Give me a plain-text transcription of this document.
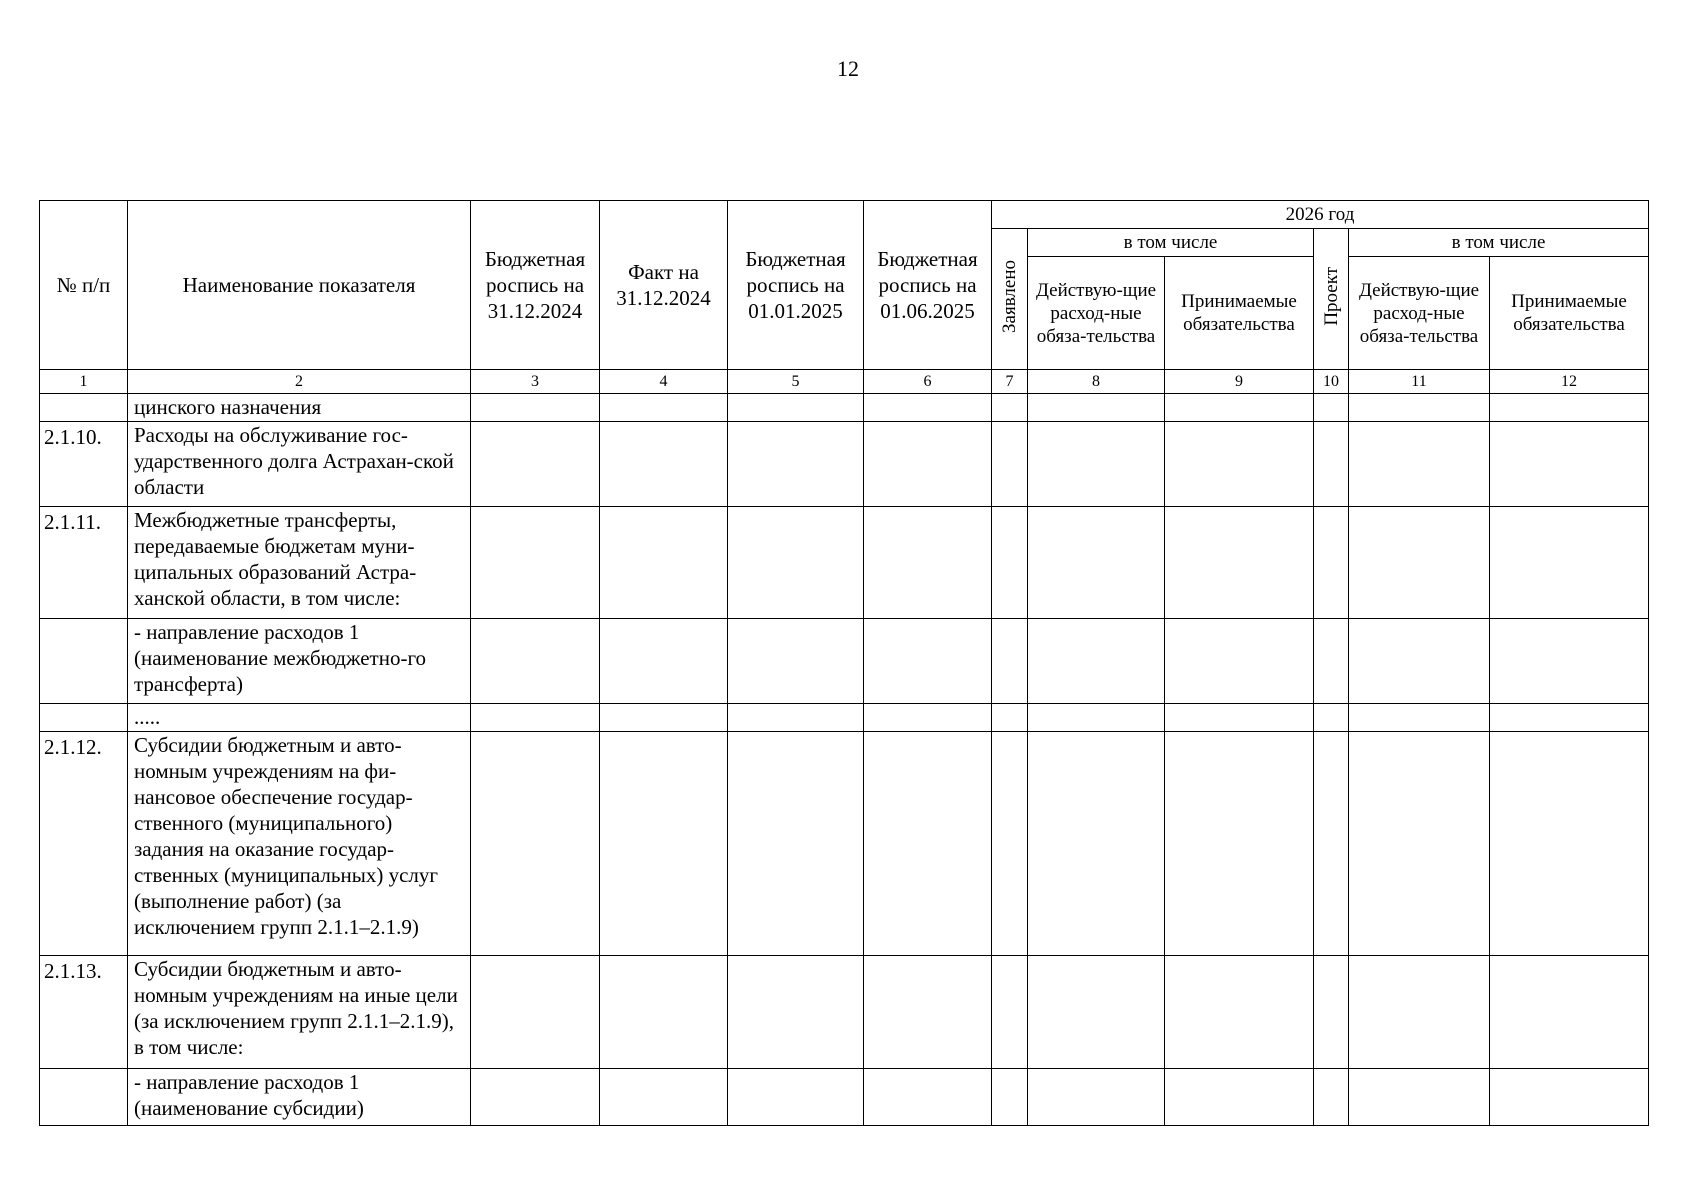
12
№ п/п	Наименование показателя	Бюджетная роспись на 31.12.2024	Факт на 31.12.2024	Бюджетная роспись на 01.01.2025	Бюджетная роспись на 01.06.2025	2026 год					
						Заявлено	в том числе		Проект	в том числе	
							Действую-щие расход-ные обяза-тельства	Принимаемые обязательства		Действую-щие расход-ные обяза-тельства	Принимаемые обязательства
1	2	3	4	5	6	7	8	9	10	11	12
	цинского назначения										
2.1.10.	Расходы на обслуживание гос-ударственного долга Астрахан-ской области										
2.1.11.	Межбюджетные трансферты, передаваемые бюджетам муни-ципальных образований Астра-ханской области, в том числе:										
	- направление расходов 1 (наименование межбюджетно-го трансферта)										
	.....										
2.1.12.	Субсидии бюджетным и авто-номным учреждениям на фи-нансовое обеспечение государ-ственного (муниципального) задания на оказание государ-ственных (муниципальных) услуг (выполнение работ) (за исключением групп 2.1.1–2.1.9)										
2.1.13.	Субсидии бюджетным и авто-номным учреждениям на иные цели (за исключением групп 2.1.1–2.1.9), в том числе:										
	- направление расходов 1 (наименование субсидии)										
